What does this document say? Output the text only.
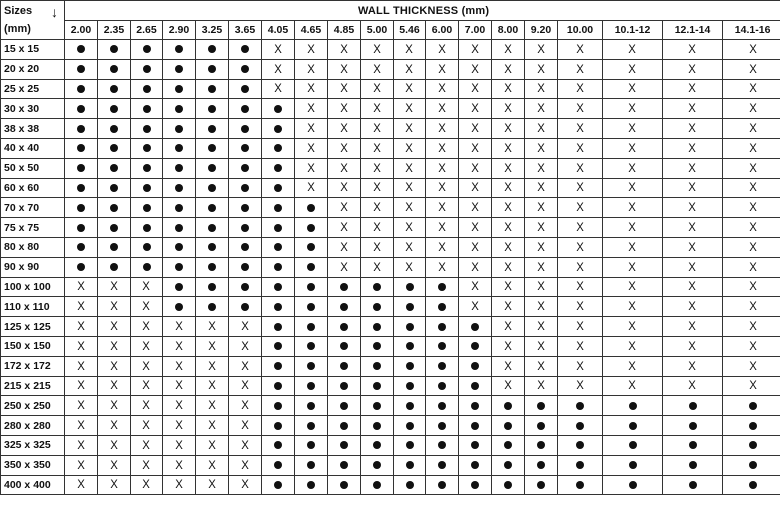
Sizes
(mm)
↓	WALL THICKNESS (mm)																		
	2.00	2.35	2.65	2.90	3.25	3.65	4.05	4.65	4.85	5.00	5.46	6.00	7.00	8.00	9.20	10.00	10.1-12	12.1-14	14.1-16
15 x 15							X	X	X	X	X	X	X	X	X	X	X	X	X
20 x 20							X	X	X	X	X	X	X	X	X	X	X	X	X
25 x 25							X	X	X	X	X	X	X	X	X	X	X	X	X
30 x 30								X	X	X	X	X	X	X	X	X	X	X	X
38 x 38								X	X	X	X	X	X	X	X	X	X	X	X
40 x 40								X	X	X	X	X	X	X	X	X	X	X	X
50 x 50								X	X	X	X	X	X	X	X	X	X	X	X
60 x 60								X	X	X	X	X	X	X	X	X	X	X	X
70 x 70									X	X	X	X	X	X	X	X	X	X	X
75 x 75									X	X	X	X	X	X	X	X	X	X	X
80 x 80									X	X	X	X	X	X	X	X	X	X	X
90 x 90									X	X	X	X	X	X	X	X	X	X	X
100 x 100	X	X	X										X	X	X	X	X	X	X
110 x 110	X	X	X										X	X	X	X	X	X	X
125 x 125	X	X	X	X	X	X								X	X	X	X	X	X
150 x 150	X	X	X	X	X	X								X	X	X	X	X	X
172 x 172	X	X	X	X	X	X								X	X	X	X	X	X
215 x 215	X	X	X	X	X	X								X	X	X	X	X	X
250 x 250	X	X	X	X	X	X													
280 x 280	X	X	X	X	X	X													
325 x 325	X	X	X	X	X	X													
350 x 350	X	X	X	X	X	X													
400 x 400	X	X	X	X	X	X													
